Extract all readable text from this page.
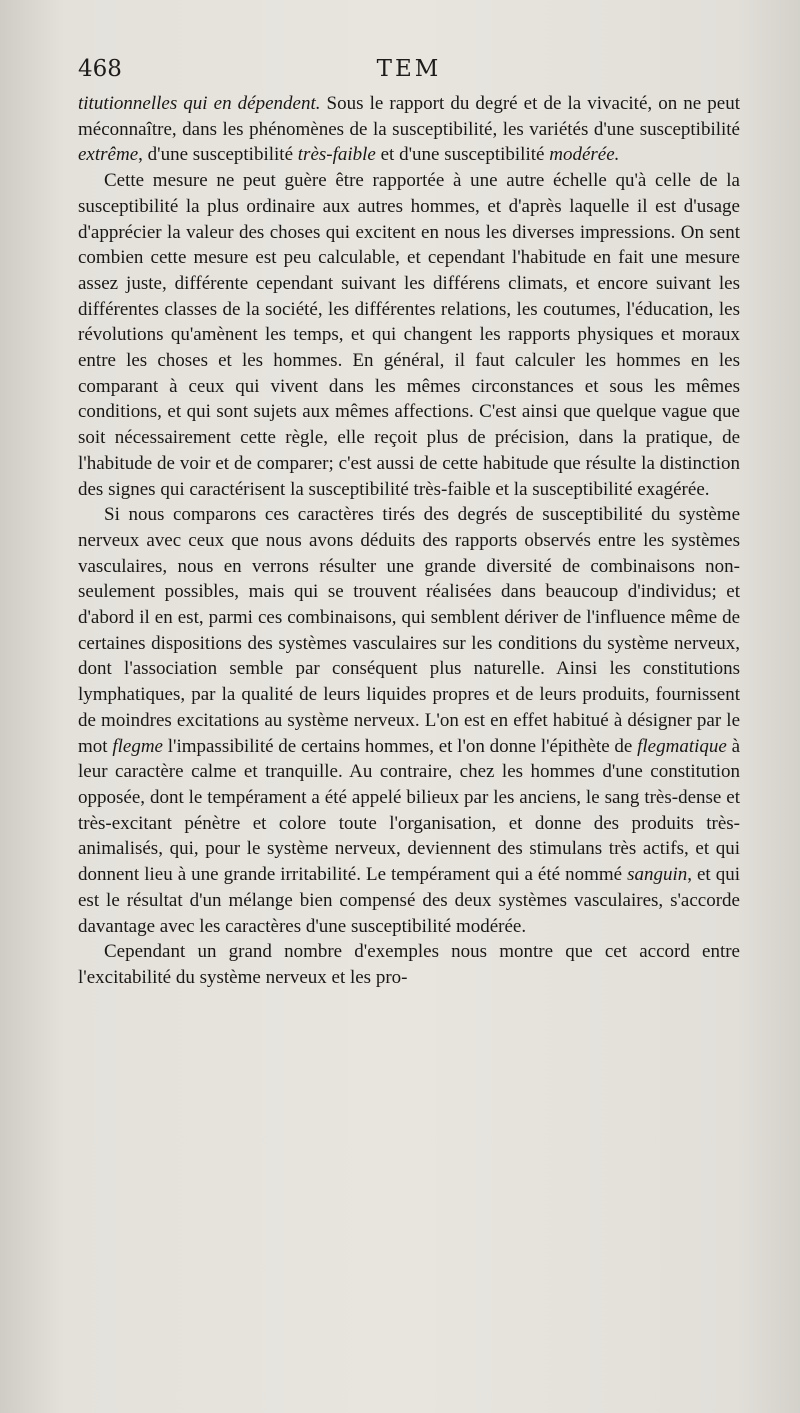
468	TEM

titutionnelles qui en dépendent. Sous le rapport du degré et de la vivacité, on ne peut méconnaître, dans les phénomènes de la susceptibilité, les variétés d'une susceptibilité extrême, d'une susceptibilité très-faible et d'une susceptibilité modérée.

Cette mesure ne peut guère être rapportée à une autre échelle qu'à celle de la susceptibilité la plus ordinaire aux autres hommes, et d'après laquelle il est d'usage d'apprécier la valeur des choses qui excitent en nous les diverses impressions. On sent combien cette mesure est peu calculable, et cependant l'habitude en fait une mesure assez juste, différente cependant suivant les différens climats, et encore suivant les différentes classes de la société, les différentes relations, les coutumes, l'éducation, les révolutions qu'amènent les temps, et qui changent les rapports physiques et moraux entre les choses et les hommes. En général, il faut calculer les hommes en les comparant à ceux qui vivent dans les mêmes circonstances et sous les mêmes conditions, et qui sont sujets aux mêmes affections. C'est ainsi que quelque vague que soit nécessairement cette règle, elle reçoit plus de précision, dans la pratique, de l'habitude de voir et de comparer; c'est aussi de cette habitude que résulte la distinction des signes qui caractérisent la susceptibilité très-faible et la susceptibilité exagérée.

Si nous comparons ces caractères tirés des degrés de susceptibilité du système nerveux avec ceux que nous avons déduits des rapports observés entre les systèmes vasculaires, nous en verrons résulter une grande diversité de combinaisons non-seulement possibles, mais qui se trouvent réalisées dans beaucoup d'individus; et d'abord il en est, parmi ces combinaisons, qui semblent dériver de l'influence même de certaines dispositions des systèmes vasculaires sur les conditions du système nerveux, dont l'association semble par conséquent plus naturelle. Ainsi les constitutions lymphatiques, par la qualité de leurs liquides propres et de leurs produits, fournissent de moindres excitations au système nerveux. L'on est en effet habitué à désigner par le mot flegme l'impassibilité de certains hommes, et l'on donne l'épithète de flegmatique à leur caractère calme et tranquille. Au contraire, chez les hommes d'une constitution opposée, dont le tempérament a été appelé bilieux par les anciens, le sang très-dense et très-excitant pénètre et colore toute l'organisation, et donne des produits très-animalisés, qui, pour le système nerveux, deviennent des stimulans très actifs, et qui donnent lieu à une grande irritabilité. Le tempérament qui a été nommé sanguin, et qui est le résultat d'un mélange bien compensé des deux systèmes vasculaires, s'accorde davantage avec les caractères d'une susceptibilité modérée.

Cependant un grand nombre d'exemples nous montre que cet accord entre l'excitabilité du système nerveux et les pro-
